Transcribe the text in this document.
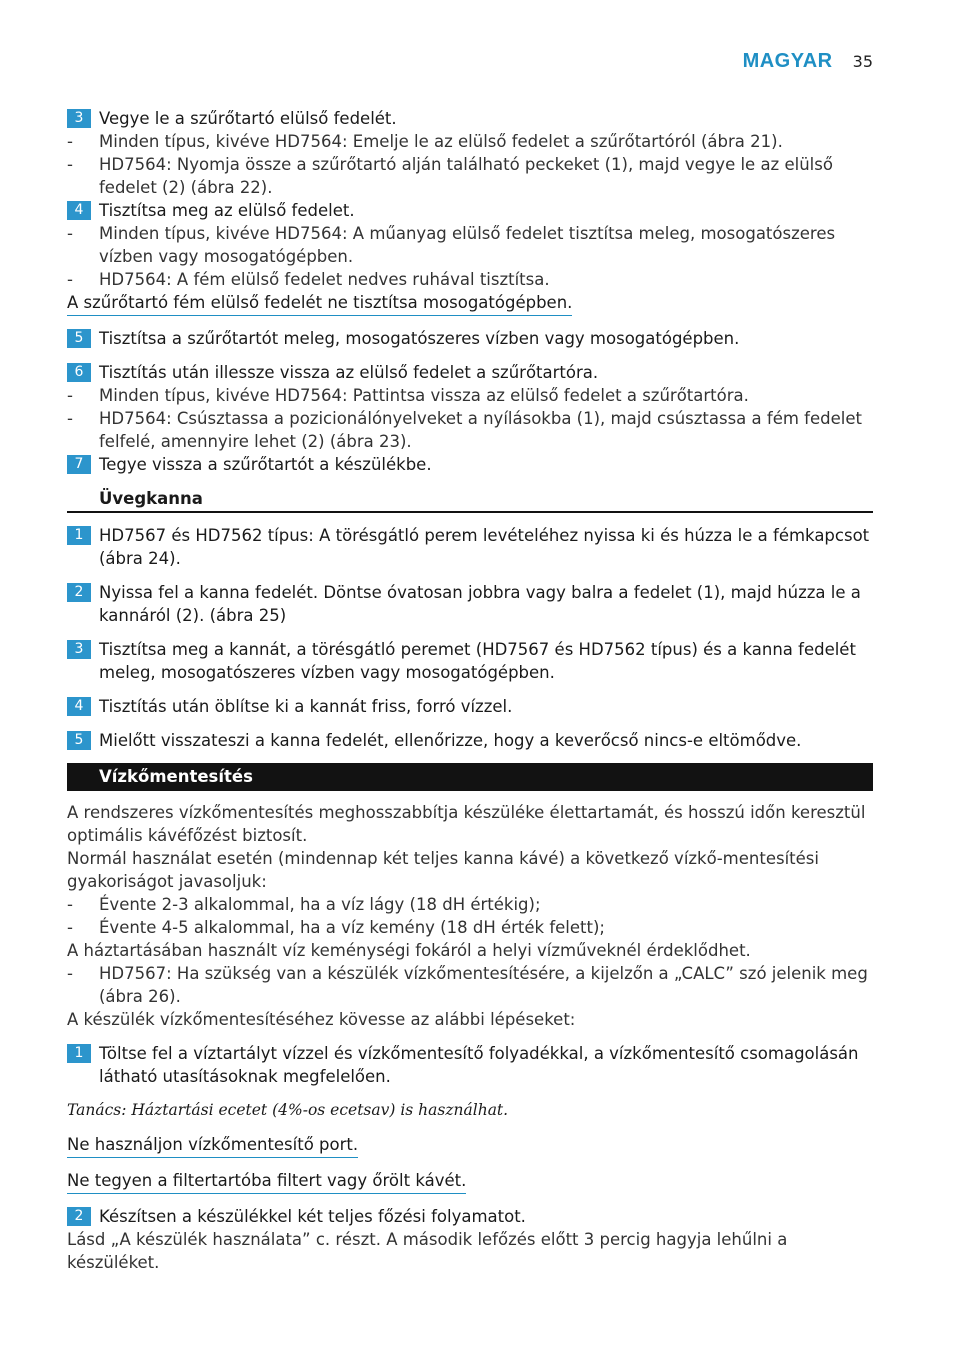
MAGYAR 35
3 Vegye le a szűrőtartó elülső fedelét.
- Minden típus, kivéve HD7564: Emelje le az elülső fedelet a szűrőtartóról (ábra 21).
- HD7564: Nyomja össze a szűrőtartó alján található peckeket (1), majd vegye le az elülső fedelet (2) (ábra 22).
4 Tisztítsa meg az elülső fedelet.
- Minden típus, kivéve HD7564: A műanyag elülső fedelet tisztítsa meleg, mosogatószeres vízben vagy mosogatógépben.
- HD7564: A fém elülső fedelet nedves ruhával tisztítsa.
A szűrőtartó fém elülső fedelét ne tisztítsa mosogatógépben.
5 Tisztítsa a szűrőtartót meleg, mosogatószeres vízben vagy mosogatógépben.
6 Tisztítás után illessze vissza az elülső fedelet a szűrőtartóra.
- Minden típus, kivéve HD7564: Pattintsa vissza az elülső fedelet a szűrőtartóra.
- HD7564: Csúsztassa a pozicionálónyelveket a nyílásokba (1), majd csúsztassa a fém fedelet felfelé, amennyire lehet (2) (ábra 23).
7 Tegye vissza a szűrőtartót a készülékbe.
Üvegkanna
1 HD7567 és HD7562 típus: A törésgátló perem levételéhez nyissa ki és húzza le a fémkapcsot (ábra 24).
2 Nyissa fel a kanna fedelét. Döntse óvatosan jobbra vagy balra a fedelet (1), majd húzza le a kannáról (2). (ábra 25)
3 Tisztítsa meg a kannát, a törésgátló peremet (HD7567 és HD7562 típus) és a kanna fedelét meleg, mosogatószeres vízben vagy mosogatógépben.
4 Tisztítás után öblítse ki a kannát friss, forró vízzel.
5 Mielőtt visszateszi a kanna fedelét, ellenőrizze, hogy a keverőcső nincs-e eltömődve.
Vízkőmentesítés
A rendszeres vízkőmentesítés meghosszabbítja készüléke élettartamát, és hosszú időn keresztül optimális kávéfőzést biztosít.
Normál használat esetén (mindennap két teljes kanna kávé) a következő vízkő-mentesítési gyakoriságot javasoljuk:
- Évente 2-3 alkalommal, ha a víz lágy (18 dH értékig);
- Évente 4-5 alkalommal, ha a víz kemény (18 dH érték felett);
A háztartásában használt víz keménységi fokáról a helyi vízműveknél érdeklődhet.
- HD7567: Ha szükség van a készülék vízkőmentesítésére, a kijelzőn a „CALC” szó jelenik meg (ábra 26).
A készülék vízkőmentesítéséhez kövesse az alábbi lépéseket:
1 Töltse fel a víztartályt vízzel és vízkőmentesítő folyadékkal, a vízkőmentesítő csomagolásán látható utasításoknak megfelelően.
Tanács: Háztartási ecetet (4%-os ecetsav) is használhat.
Ne használjon vízkőmentesítő port.
Ne tegyen a filtertartóba filtert vagy őrölt kávét.
2 Készítsen a készülékkel két teljes főzési folyamatot.
Lásd „A készülék használata” c. részt. A második lefőzés előtt 3 percig hagyja lehűlni a készüléket.
